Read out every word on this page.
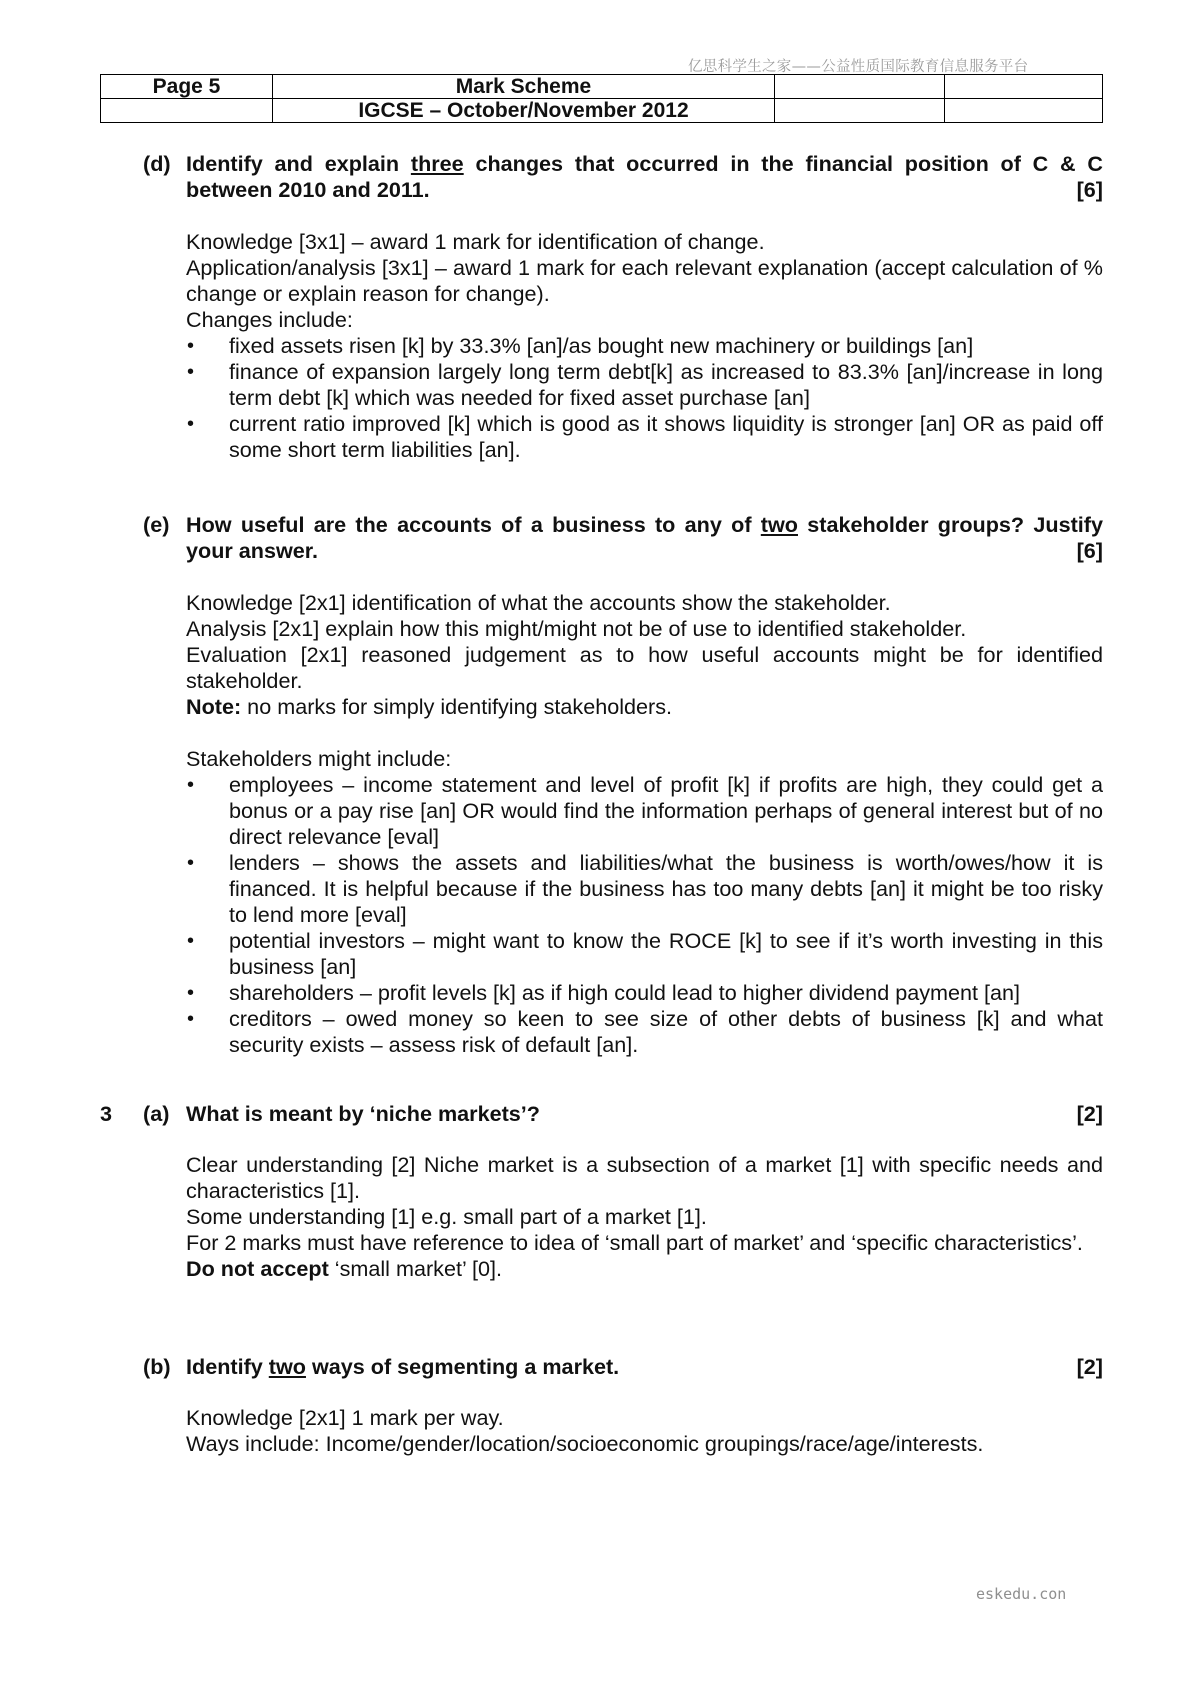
亿思科学生之家——公益性质国际教育信息服务平台
Page 5	Mark Scheme		
	IGCSE – October/November 2012		
(d) Identify and explain three changes that occurred in the financial position of C & C
between 2010 and 2011.	[6]

Knowledge [3x1] – award 1 mark for identification of change.

Application/analysis [3x1] – award 1 mark for each relevant explanation (accept calculation of % change or explain reason for change).

Changes include:

• fixed assets risen [k] by 33.3% [an]/as bought new machinery or buildings [an]
• finance of expansion largely long term debt[k] as increased to 83.3% [an]/increase in long term debt [k] which was needed for fixed asset purchase [an]
• current ratio improved [k] which is good as it shows liquidity is stronger [an] OR as paid off some short term liabilities [an].
(e) How useful are the accounts of a business to any of two stakeholder groups? Justify
your answer.	[6]

Knowledge [2x1] identification of what the accounts show the stakeholder.

Analysis [2x1] explain how this might/might not be of use to identified stakeholder.

Evaluation [2x1] reasoned judgement as to how useful accounts might be for identified stakeholder.

Note: no marks for simply identifying stakeholders.

Stakeholders might include:

• employees – income statement and level of profit [k] if profits are high, they could get a bonus or a pay rise [an] OR would find the information perhaps of general interest but of no direct relevance [eval]
• lenders – shows the assets and liabilities/what the business is worth/owes/how it is financed. It is helpful because if the business has too many debts [an] it might be too risky to lend more [eval]
• potential investors – might want to know the ROCE [k] to see if it’s worth investing in this business [an]
• shareholders – profit levels [k] as if high could lead to higher dividend payment [an]
• creditors – owed money so keen to see size of other debts of business [k] and what security exists – assess risk of default [an].
3 (a) What is meant by ‘niche markets’?	[2]

Clear understanding [2] Niche market is a subsection of a market [1] with specific needs and characteristics [1].

Some understanding [1] e.g. small part of a market [1].

For 2 marks must have reference to idea of ‘small part of market’ and ‘specific characteristics’.

Do not accept ‘small market’ [0].

(b) Identify two ways of segmenting a market.	[2]

Knowledge [2x1] 1 mark per way.

Ways include: Income/gender/location/socioeconomic groupings/race/age/interests.

eskedu.con
